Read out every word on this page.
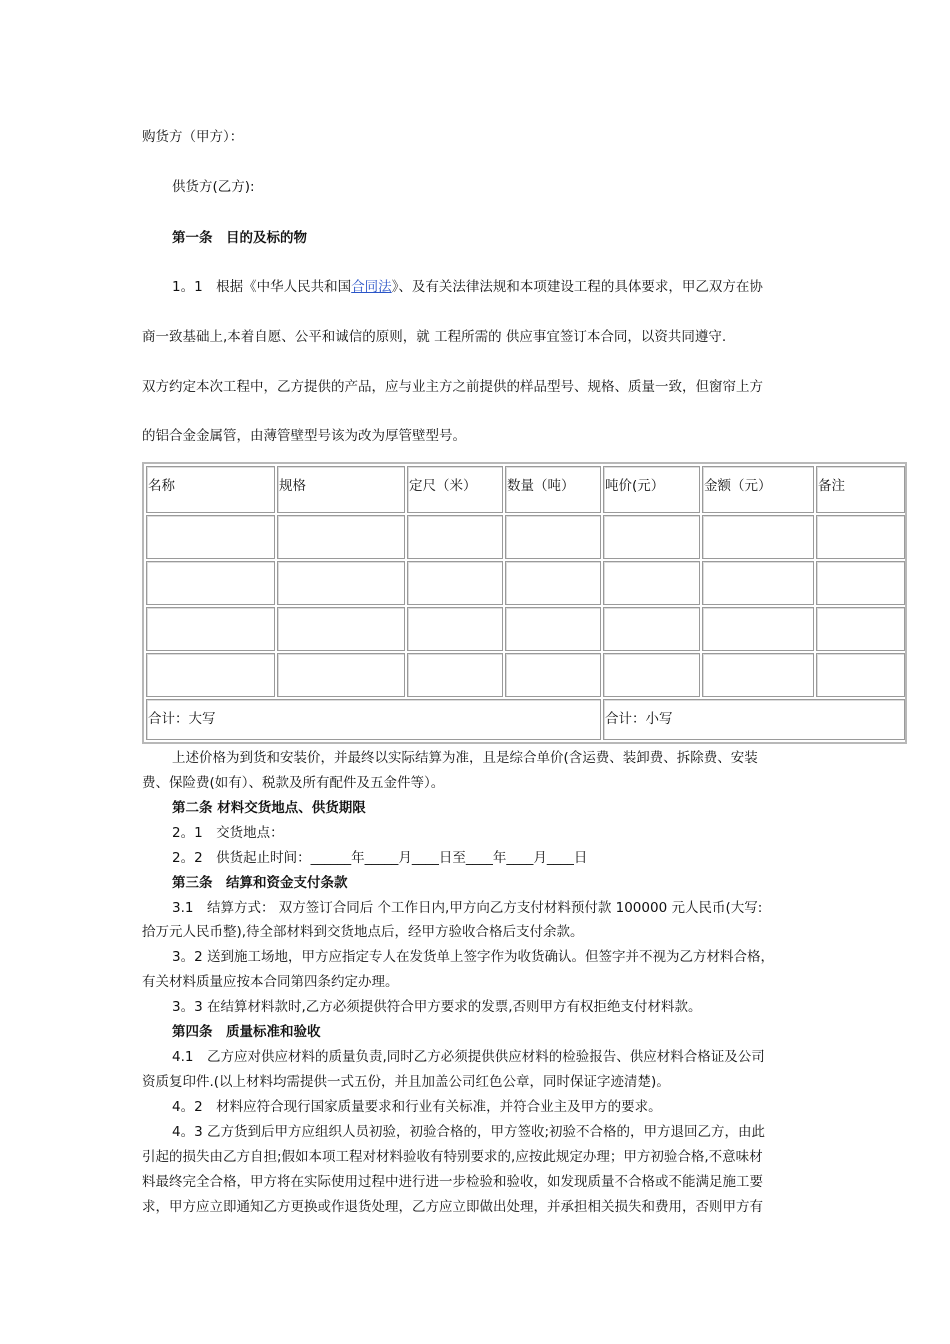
购货方（甲方）：
供货方(乙方):
第一条　目的及标的物
1。1　根据《中华人民共和国合同法》、及有关法律法规和本项建设工程的具体要求，甲乙双方在协
商一致基础上,本着自愿、公平和诚信的原则，就 工程所需的 供应事宜签订本合同，以资共同遵守.
双方约定本次工程中，乙方提供的产品，应与业主方之前提供的样品型号、规格、质量一致，但窗帘上方
的铝合金金属管，由薄管壁型号该为改为厚管壁型号。
名称	规格	定尺（米）	数量（吨）	吨价(元）	金额（元）	备注
合计：大写	合计：小写
上述价格为到货和安装价，并最终以实际结算为准，且是综合单价(含运费、装卸费、拆除费、安装
费、保险费(如有）、税款及所有配件及五金件等）。
第二条 材料交货地点、供货期限
2。1　交货地点：
2。2　供货起止时间：______年_____月____日至____年____月____日
第三条　结算和资金支付条款
3.1　结算方式： 双方签订合同后 个工作日内,甲方向乙方支付材料预付款 100000 元人民币(大写:
拾万元人民币整),待全部材料到交货地点后，经甲方验收合格后支付余款。
3。2 送到施工场地，甲方应指定专人在发货单上签字作为收货确认。但签字并不视为乙方材料合格，
有关材料质量应按本合同第四条约定办理。
3。3 在结算材料款时,乙方必须提供符合甲方要求的发票,否则甲方有权拒绝支付材料款。
第四条　质量标准和验收
4.1　乙方应对供应材料的质量负责,同时乙方必须提供供应材料的检验报告、供应材料合格证及公司
资质复印件.(以上材料均需提供一式五份，并且加盖公司红色公章，同时保证字迹清楚)。
4。2　材料应符合现行国家质量要求和行业有关标准，并符合业主及甲方的要求。
4。3 乙方货到后甲方应组织人员初验，初验合格的，甲方签收;初验不合格的，甲方退回乙方，由此
引起的损失由乙方自担;假如本项工程对材料验收有特别要求的,应按此规定办理；甲方初验合格,不意味材
料最终完全合格，甲方将在实际使用过程中进行进一步检验和验收，如发现质量不合格或不能满足施工要
求，甲方应立即通知乙方更换或作退货处理，乙方应立即做出处理，并承担相关损失和费用，否则甲方有
